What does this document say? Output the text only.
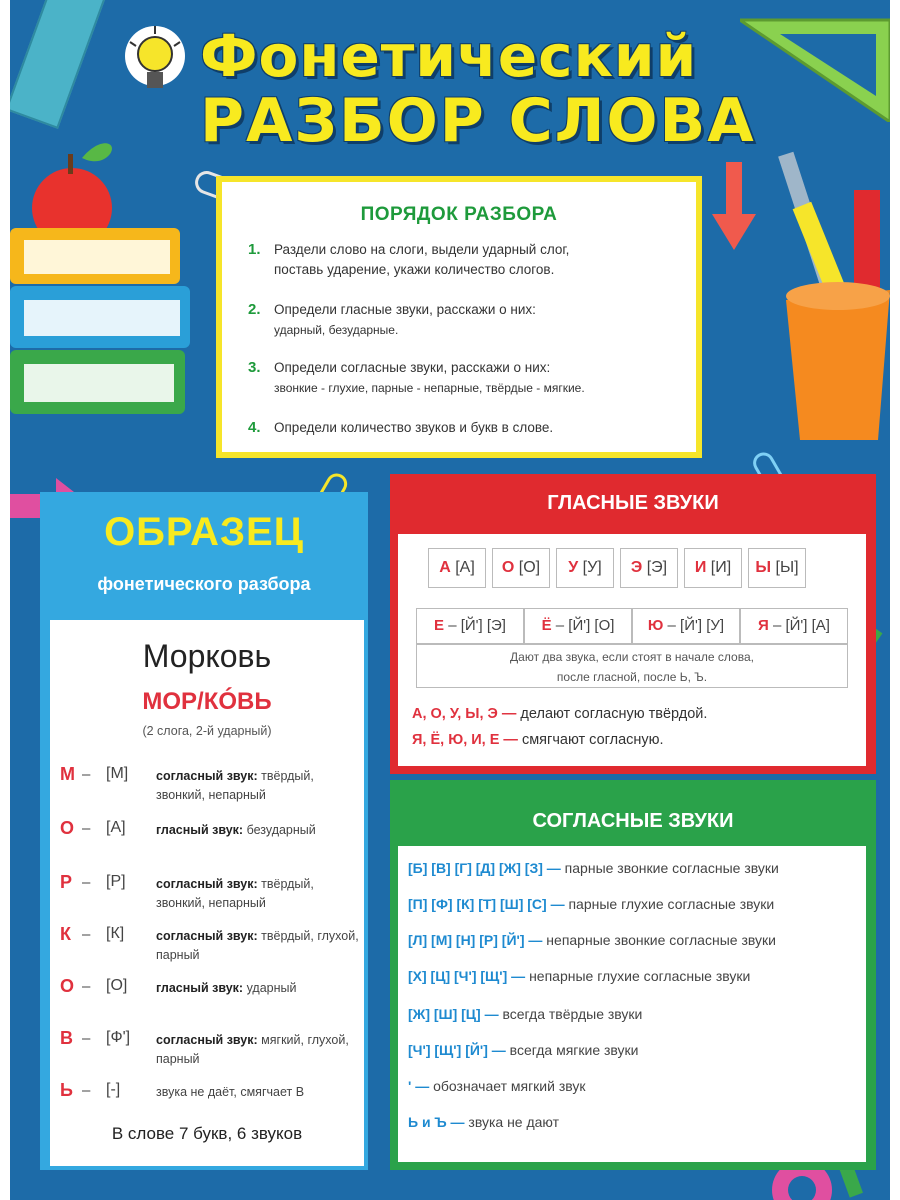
Фонетический
РАЗБОР СЛОВА
ПОРЯДОК РАЗБОРА
1. Раздели слово на слоги, выдели ударный слог,
поставь ударение, укажи количество слогов.
2. Определи гласные звуки, расскажи о них:
ударный, безударные.
3. Определи согласные звуки, расскажи о них:
звонкие - глухие, парные - непарные, твёрдые - мягкие.
4. Определи количество звуков и букв в слове.
ОБРАЗЕЦ
фонетического разбора
Морковь
МОР/КÓВЬ
(2 слога, 2-й ударный)
М – [М] согласный звук: твёрдый, звонкий, непарный
О – [А] гласный звук: безударный
Р – [Р] согласный звук: твёрдый, звонкий, непарный
К – [К]	согласный звук: твёрдый, глухой, парный
О – [О] гласный звук: ударный
В – [Ф'] согласный звук: мягкий, глухой, парный
Ь – [-]	звука не даёт, смягчает В
В слове 7 букв, 6 звуков
ГЛАСНЫЕ ЗВУКИ
А [А]	О [О]	У [У]	Э [Э]	И [И]	Ы [Ы]
Е – [Й'] [Э]	Ё – [Й'] [О]	Ю – [Й'] [У]	Я – [Й'] [А]
Дают два звука, если стоят в начале слова,
после гласной, после Ь, Ъ.
А, О, У, Ы, Э — делают согласную твёрдой.
Я, Ё, Ю, И, Е — смягчают согласную.
СОГЛАСНЫЕ ЗВУКИ
[Б] [В] [Г] [Д] [Ж] [З] — парные звонкие согласные звуки
[П] [Ф] [К] [Т] [Ш] [С] — парные глухие согласные звуки
[Л] [М] [Н] [Р] [Й'] — непарные звонкие согласные звуки
[Х] [Ц] [Ч'] [Щ'] — непарные глухие согласные звуки
[Ж] [Ш] [Ц] — всегда твёрдые звуки
[Ч'] [Щ'] [Й'] — всегда мягкие звуки
' — обозначает мягкий звук
Ь и Ъ — звука не дают
